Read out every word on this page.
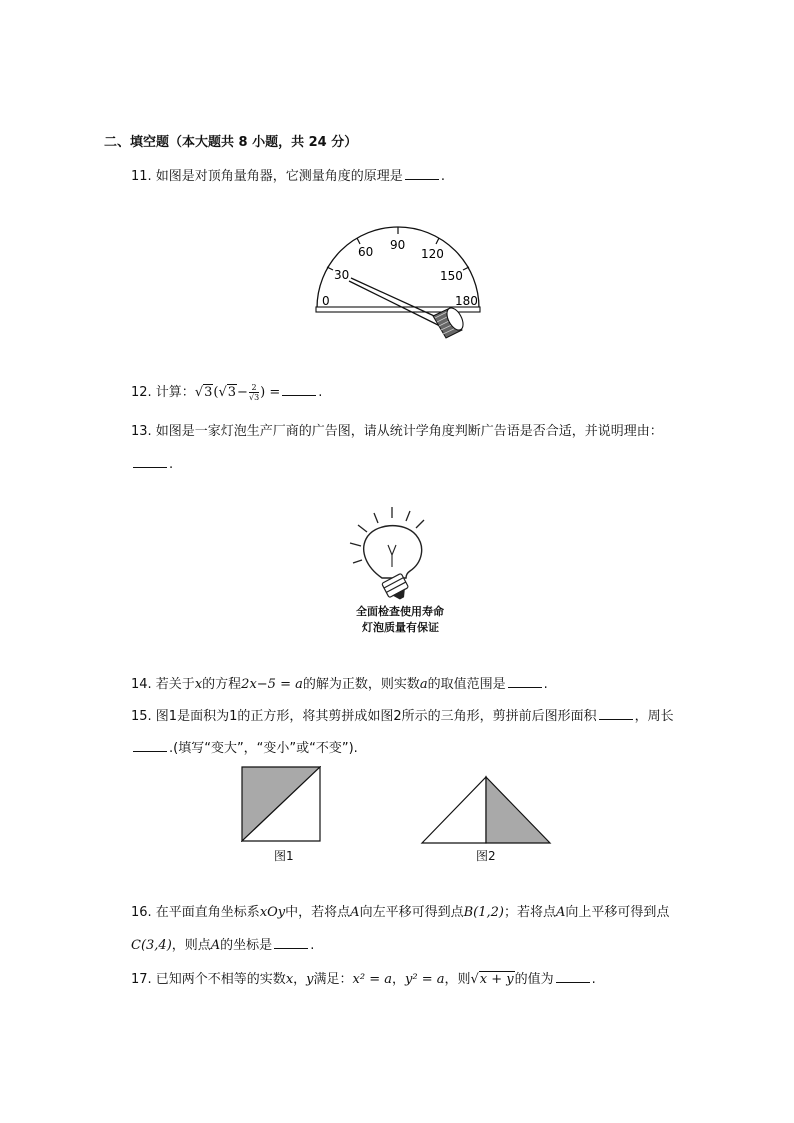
二、填空题（本大题共 8 小题，共 24 分）
11. 如图是对顶角量角器，它测量角度的原理是	.
0
30
60 90
120
150
180
12. 计算：$√3(√3- \frac{2}{√3}$ ) =	.
13. 如图是一家灯泡生产厂商的广告图，请从统计学角度判断广告语是否合适，并说明理由：
.
全面检查使用寿命
灯泡质量有保证
14. 若关于x的方程2x−5 = a的解为正数，则实数a的取值范围是	.
15. 图1是面积为1的正方形，将其剪拼成如图2所示的三角形，剪拼前后图形面积	，周长
.(填写“变大”，“变小”或“不变”).
图1	图2
16. 在平面直角坐标系xOy中，若将点A向左平移可得到点B(1,2)；若将点A向上平移可得到点
C(3,4)，则点A的坐标是	.
17. 已知两个不相等的实数x，y满足：x² = a，y² = a，则√x + y的值为	.
